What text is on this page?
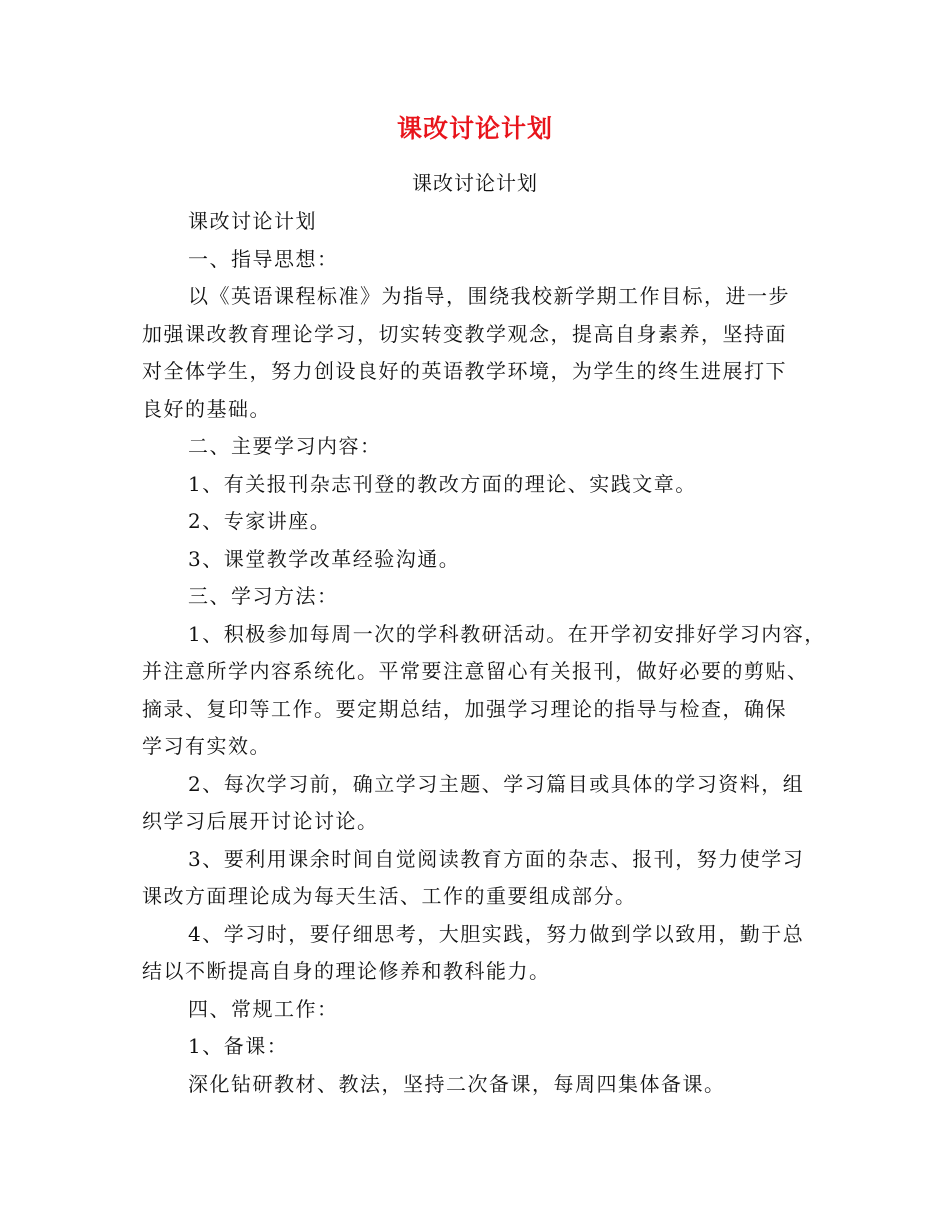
课改讨论计划
课改讨论计划
课改讨论计划
一、指导思想：
以《英语课程标准》为指导，围绕我校新学期工作目标，进一步
加强课改教育理论学习，切实转变教学观念，提高自身素养，坚持面
对全体学生，努力创设良好的英语教学环境，为学生的终生进展打下
良好的基础。
二、主要学习内容：
1、有关报刊杂志刊登的教改方面的理论、实践文章。
2、专家讲座。
3、课堂教学改革经验沟通。
三、学习方法：
1、积极参加每周一次的学科教研活动。在开学初安排好学习内容，
并注意所学内容系统化。平常要注意留心有关报刊，做好必要的剪贴、
摘录、复印等工作。要定期总结，加强学习理论的指导与检查，确保
学习有实效。
2、每次学习前，确立学习主题、学习篇目或具体的学习资料，组
织学习后展开讨论讨论。
3、要利用课余时间自觉阅读教育方面的杂志、报刊，努力使学习
课改方面理论成为每天生活、工作的重要组成部分。
4、学习时，要仔细思考，大胆实践，努力做到学以致用，勤于总
结以不断提高自身的理论修养和教科能力。
四、常规工作：
1、备课：
深化钻研教材、教法，坚持二次备课，每周四集体备课。
